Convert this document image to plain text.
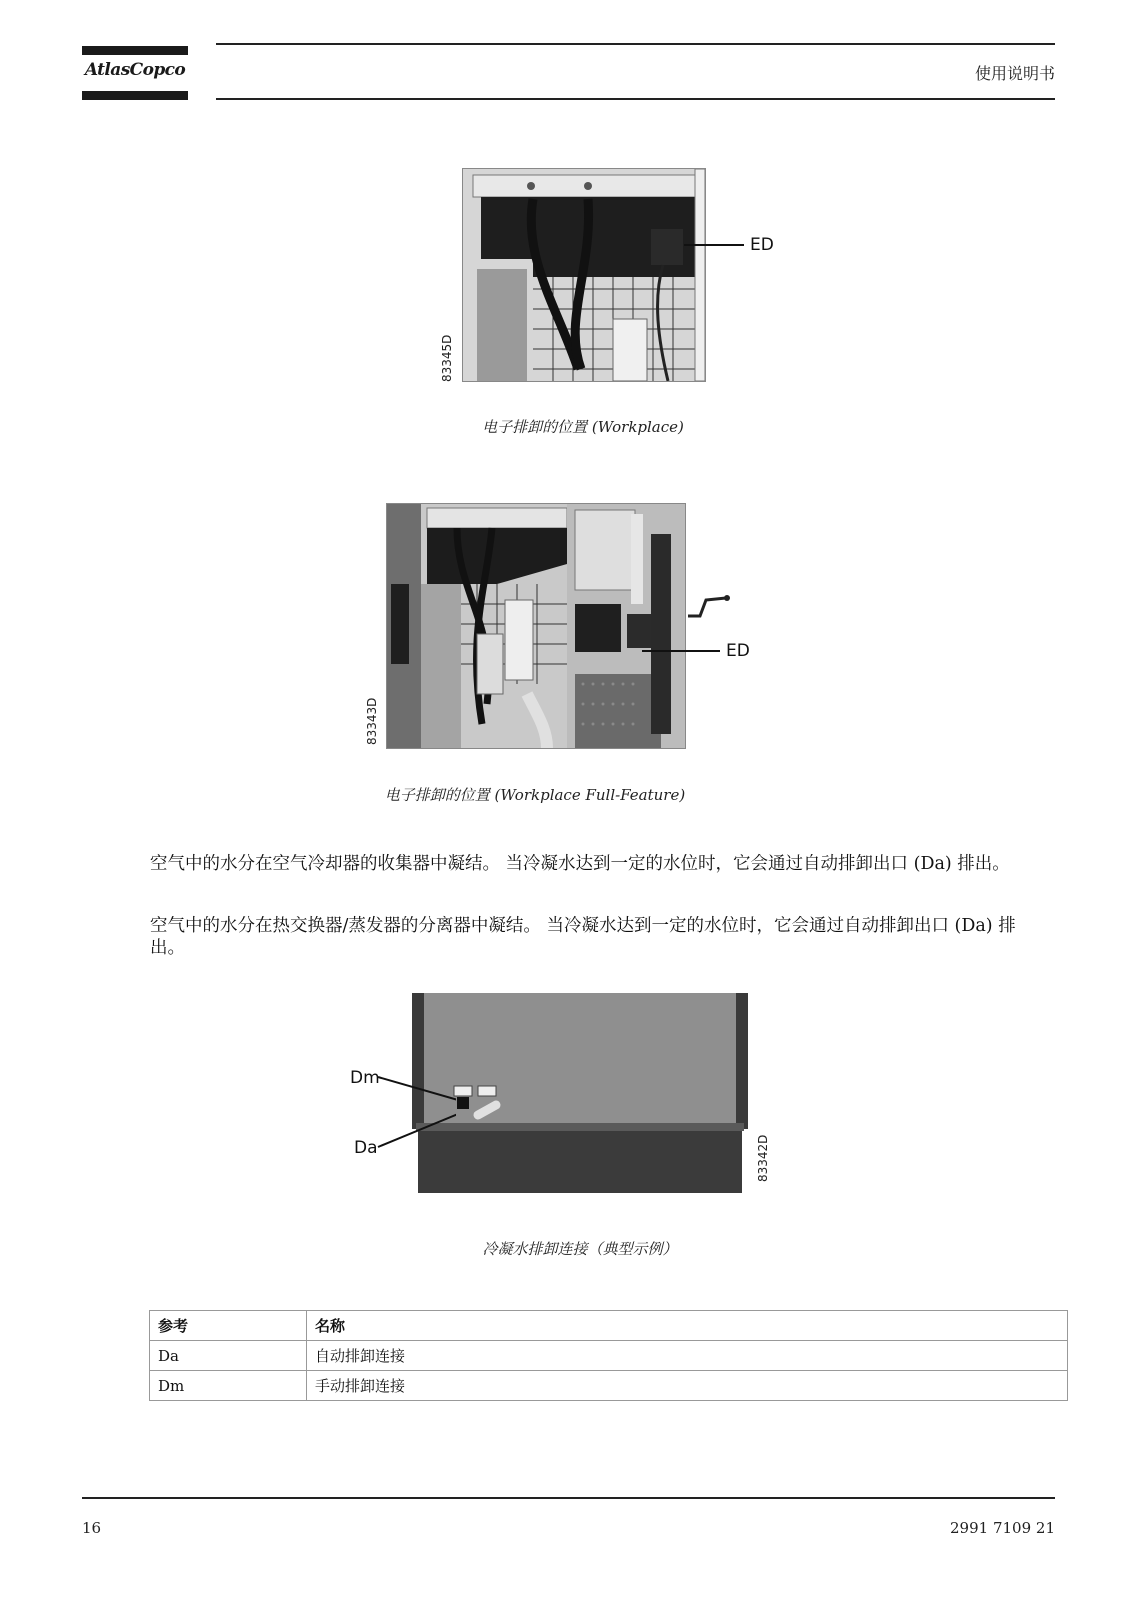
AtlasCopco	使用说明书
83345D
ED
电子排卸的位置 (Workplace)
83343D
ED
电子排卸的位置 (Workplace Full-Feature)
空气中的水分在空气冷却器的收集器中凝结。 当冷凝水达到一定的水位时，它会通过自动排卸出口 (Da) 排出。
空气中的水分在热交换器/蒸发器的分离器中凝结。 当冷凝水达到一定的水位时，它会通过自动排卸出口 (Da) 排出。
Dm
Da	83342D
冷凝水排卸连接（典型示例）
参考	名称
Da	自动排卸连接
Dm	手动排卸连接
16	2991 7109 21
